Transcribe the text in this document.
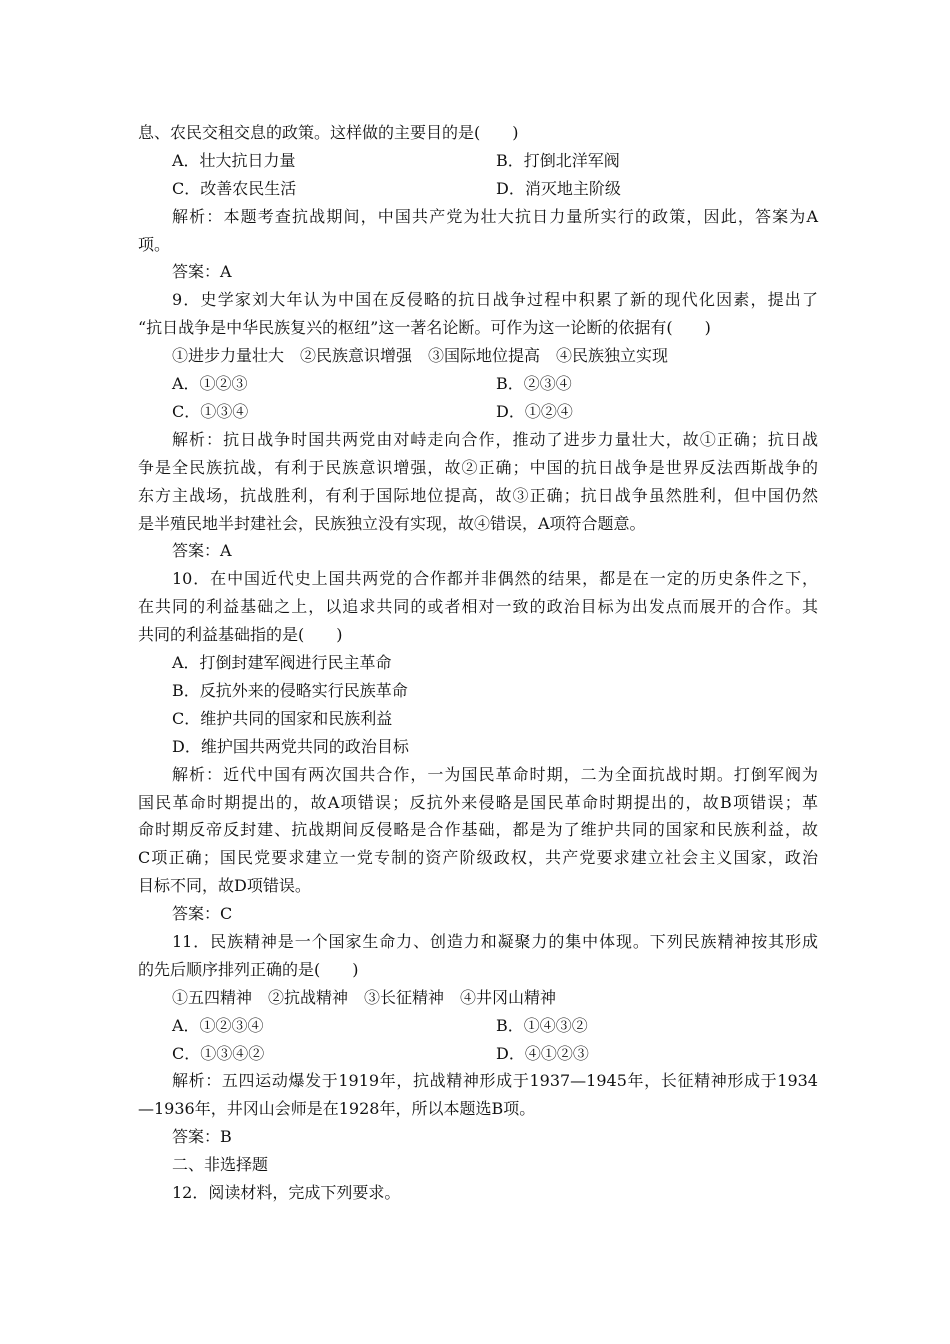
息、农民交租交息的政策。这样做的主要目的是(　　)
A．壮大抗日力量	B．打倒北洋军阀
C．改善农民生活	D．消灭地主阶级
解析：本题考查抗战期间，中国共产党为壮大抗日力量所实行的政策，因此，答案为A
项。
答案：A
9．史学家刘大年认为中国在反侵略的抗日战争过程中积累了新的现代化因素，提出了
“抗日战争是中华民族复兴的枢纽”这一著名论断。可作为这一论断的依据有(　　)
①进步力量壮大　②民族意识增强　③国际地位提高　④民族独立实现
A．①②③	B．②③④
C．①③④	D．①②④
解析：抗日战争时国共两党由对峙走向合作，推动了进步力量壮大，故①正确；抗日战
争是全民族抗战，有利于民族意识增强，故②正确；中国的抗日战争是世界反法西斯战争的
东方主战场，抗战胜利，有利于国际地位提高，故③正确；抗日战争虽然胜利，但中国仍然
是半殖民地半封建社会，民族独立没有实现，故④错误，A项符合题意。
答案：A
10．在中国近代史上国共两党的合作都并非偶然的结果，都是在一定的历史条件之下，
在共同的利益基础之上，以追求共同的或者相对一致的政治目标为出发点而展开的合作。其
共同的利益基础指的是(　　)
A．打倒封建军阀进行民主革命
B．反抗外来的侵略实行民族革命
C．维护共同的国家和民族利益
D．维护国共两党共同的政治目标
解析：近代中国有两次国共合作，一为国民革命时期，二为全面抗战时期。打倒军阀为
国民革命时期提出的，故A项错误；反抗外来侵略是国民革命时期提出的，故B项错误；革
命时期反帝反封建、抗战期间反侵略是合作基础，都是为了维护共同的国家和民族利益，故
C项正确；国民党要求建立一党专制的资产阶级政权，共产党要求建立社会主义国家，政治
目标不同，故D项错误。
答案：C
11．民族精神是一个国家生命力、创造力和凝聚力的集中体现。下列民族精神按其形成
的先后顺序排列正确的是(　　)
①五四精神　②抗战精神　③长征精神　④井冈山精神
A．①②③④	B．①④③②
C．①③④②	D．④①②③
解析：五四运动爆发于1919年，抗战精神形成于1937—1945年，长征精神形成于1934
—1936年，井冈山会师是在1928年，所以本题选B项。
答案：B
二、非选择题
12．阅读材料，完成下列要求。
